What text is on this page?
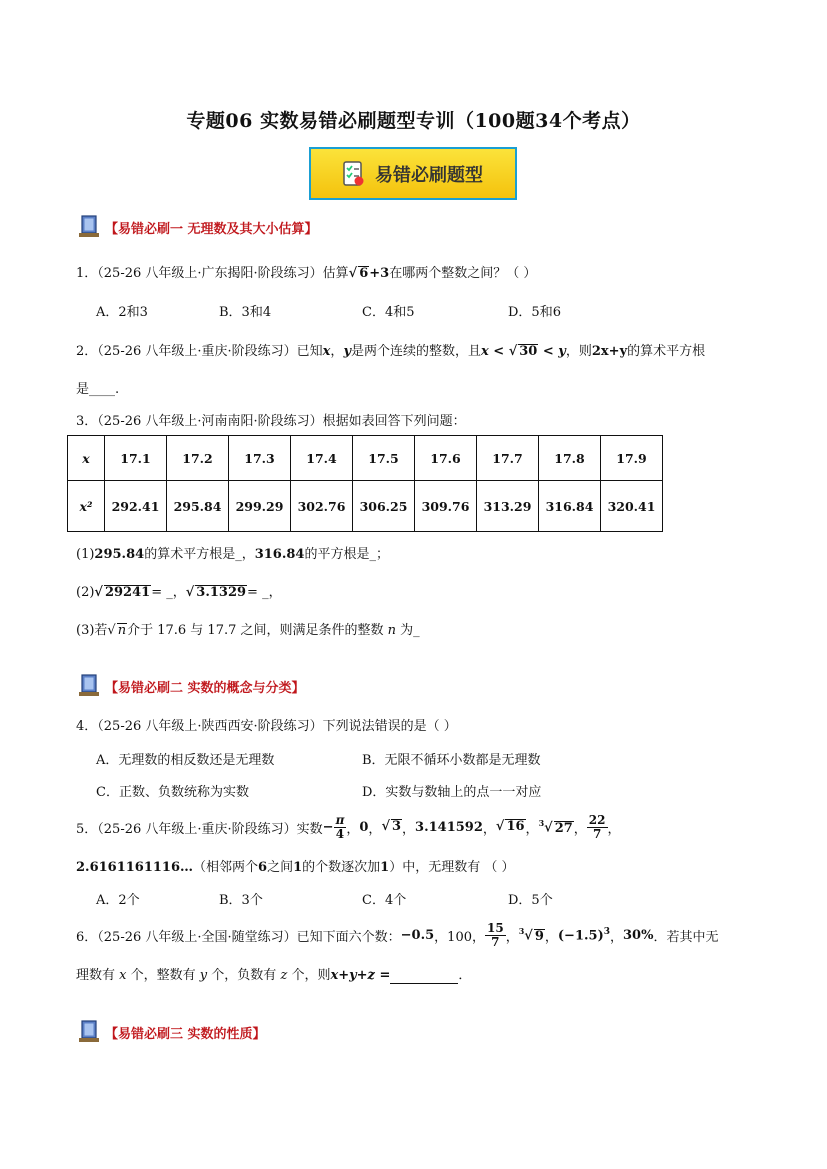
专题06 实数易错必刷题型专训（100题34个考点）
易错必刷题型
【易错必刷一 无理数及其大小估算】
1．（25-26 八年级上·广东揭阳·阶段练习）估算√ 6+3在哪两个整数之间？（ ）
A．2和3	B．3和4	C．4和5	D．5和6
2．（25-26 八年级上·重庆·阶段练习）已知x，y是两个连续的整数，且x < √ 30 < y，则2x+y的算术平方根
是____.
3．（25-26 八年级上·河南南阳·阶段练习）根据如表回答下列问题：
x	17.1	17.2	17.3	17.4	17.5	17.6	17.7	17.8	17.9
x²	292.41	295.84	299.29	302.76	306.25	309.76	313.29	316.84	320.41
(1)295.84的算术平方根是_，316.84的平方根是_；
(2)√ 29241= _，√ 3.1329= _，
(3)若√ n介于 17.6 与 17.7 之间，则满足条件的整数 n 为_
【易错必刷二 实数的概念与分类】
4．（25-26 八年级上·陕西西安·阶段练习）下列说法错误的是（ ）
A．无理数的相反数还是无理数	B．无限不循环小数都是无理数
C．正数、负数统称为实数	D．实数与数轴上的点一一对应
5．（25-26 八年级上·重庆·阶段练习）实数 − $\frac{\pi}{4}$ ， 0 ， √ 3 ， 3.141592 ， √ 16 ， $^3$√ 27 ， $\frac{22}{7}$ ，
2.6161161116…（相邻两个6之间1的个数逐次加1）中，无理数有 （ ）
A．2个	B．3个	C．4个	D．5个
6．（25-26 八年级上·全国·随堂练习）已知下面六个数： −0.5 ，100， $\frac{15}{7}$ ， $^3$√ 9 ， $(-1.5)^3$ ， 30% ．若其中无
理数有 x 个，整数有 y 个，负数有 z 个，则x+y+z =	．
【易错必刷三 实数的性质】
